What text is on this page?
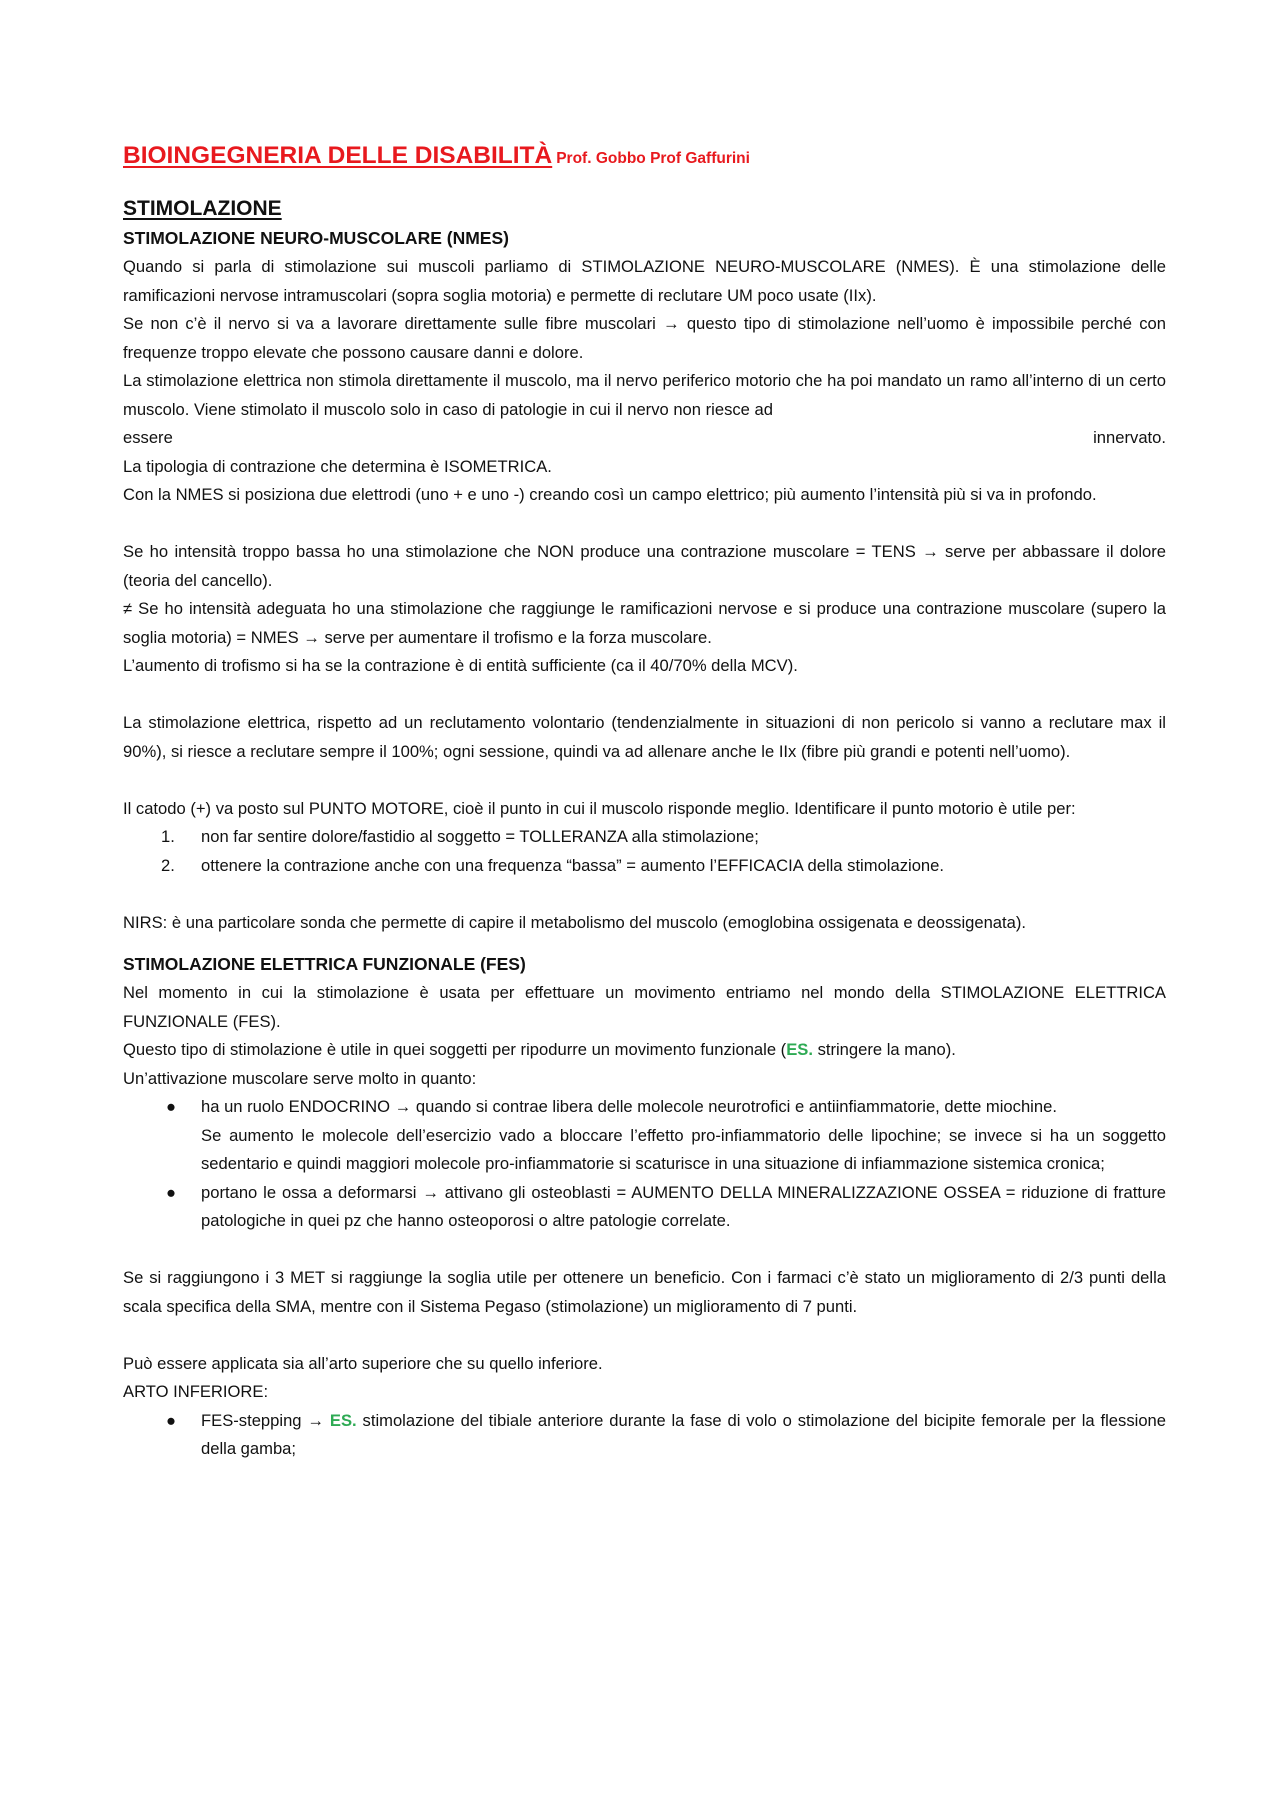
BIOINGEGNERIA DELLE DISABILITÀ Prof. Gobbo Prof Gaffurini
STIMOLAZIONE
STIMOLAZIONE NEURO-MUSCOLARE (NMES)

Quando si parla di stimolazione sui muscoli parliamo di STIMOLAZIONE NEURO-MUSCOLARE (NMES). È una stimolazione delle ramificazioni nervose intramuscolari (sopra soglia motoria) e permette di reclutare UM poco usate (IIx).

Se non c’è il nervo si va a lavorare direttamente sulle fibre muscolari → questo tipo di stimolazione nell’uomo è impossibile perché con frequenze troppo elevate che possono causare danni e dolore.

La stimolazione elettrica non stimola direttamente il muscolo, ma il nervo periferico motorio che ha poi mandato un ramo all’interno di un certo muscolo. Viene stimolato il muscolo solo in caso di patologie in cui il nervo non riesce ad

essere	innervato.

La tipologia di contrazione che determina è ISOMETRICA.

Con la NMES si posiziona due elettrodi (uno + e uno -) creando così un campo elettrico; più aumento l’intensità più si va in profondo.

Se ho intensità troppo bassa ho una stimolazione che NON produce una contrazione muscolare = TENS → serve per abbassare il dolore (teoria del cancello).

≠ Se ho intensità adeguata ho una stimolazione che raggiunge le ramificazioni nervose e si produce una contrazione muscolare (supero la soglia motoria) = NMES → serve per aumentare il trofismo e la forza muscolare.

L’aumento di trofismo si ha se la contrazione è di entità sufficiente (ca il 40/70% della MCV).

La stimolazione elettrica, rispetto ad un reclutamento volontario (tendenzialmente in situazioni di non pericolo si vanno a reclutare max il 90%), si riesce a reclutare sempre il 100%; ogni sessione, quindi va ad allenare anche le IIx (fibre più grandi e potenti nell’uomo).

Il catodo (+) va posto sul PUNTO MOTORE, cioè il punto in cui il muscolo risponde meglio. Identificare il punto motorio è utile per:

1. non far sentire dolore/fastidio al soggetto = TOLLERANZA alla stimolazione;
2. ottenere la contrazione anche con una frequenza “bassa” = aumento l’EFFICACIA della stimolazione.

NIRS: è una particolare sonda che permette di capire il metabolismo del muscolo (emoglobina ossigenata e deossigenata).

STIMOLAZIONE ELETTRICA FUNZIONALE (FES)

Nel momento in cui la stimolazione è usata per effettuare un movimento entriamo nel mondo della STIMOLAZIONE ELETTRICA FUNZIONALE (FES).

Questo tipo di stimolazione è utile in quei soggetti per ripodurre un movimento funzionale (ES. stringere la mano).

Un’attivazione muscolare serve molto in quanto:

● ha un ruolo ENDOCRINO → quando si contrae libera delle molecole neurotrofici e antiinfiammatorie, dette miochine.
Se aumento le molecole dell’esercizio vado a bloccare l’effetto pro-infiammatorio delle lipochine; se invece si ha un soggetto sedentario e quindi maggiori molecole pro-infiammatorie si scaturisce in una situazione di infiammazione sistemica cronica;
● portano le ossa a deformarsi → attivano gli osteoblasti = AUMENTO DELLA MINERALIZZAZIONE OSSEA = riduzione di fratture patologiche in quei pz che hanno osteoporosi o altre patologie correlate.

Se si raggiungono i 3 MET si raggiunge la soglia utile per ottenere un beneficio. Con i farmaci c’è stato un miglioramento di 2/3 punti della scala specifica della SMA, mentre con il Sistema Pegaso (stimolazione) un miglioramento di 7 punti.

Può essere applicata sia all’arto superiore che su quello inferiore.

ARTO INFERIORE:

● FES-stepping → ES. stimolazione del tibiale anteriore durante la fase di volo o stimolazione del bicipite femorale per la flessione della gamba;
